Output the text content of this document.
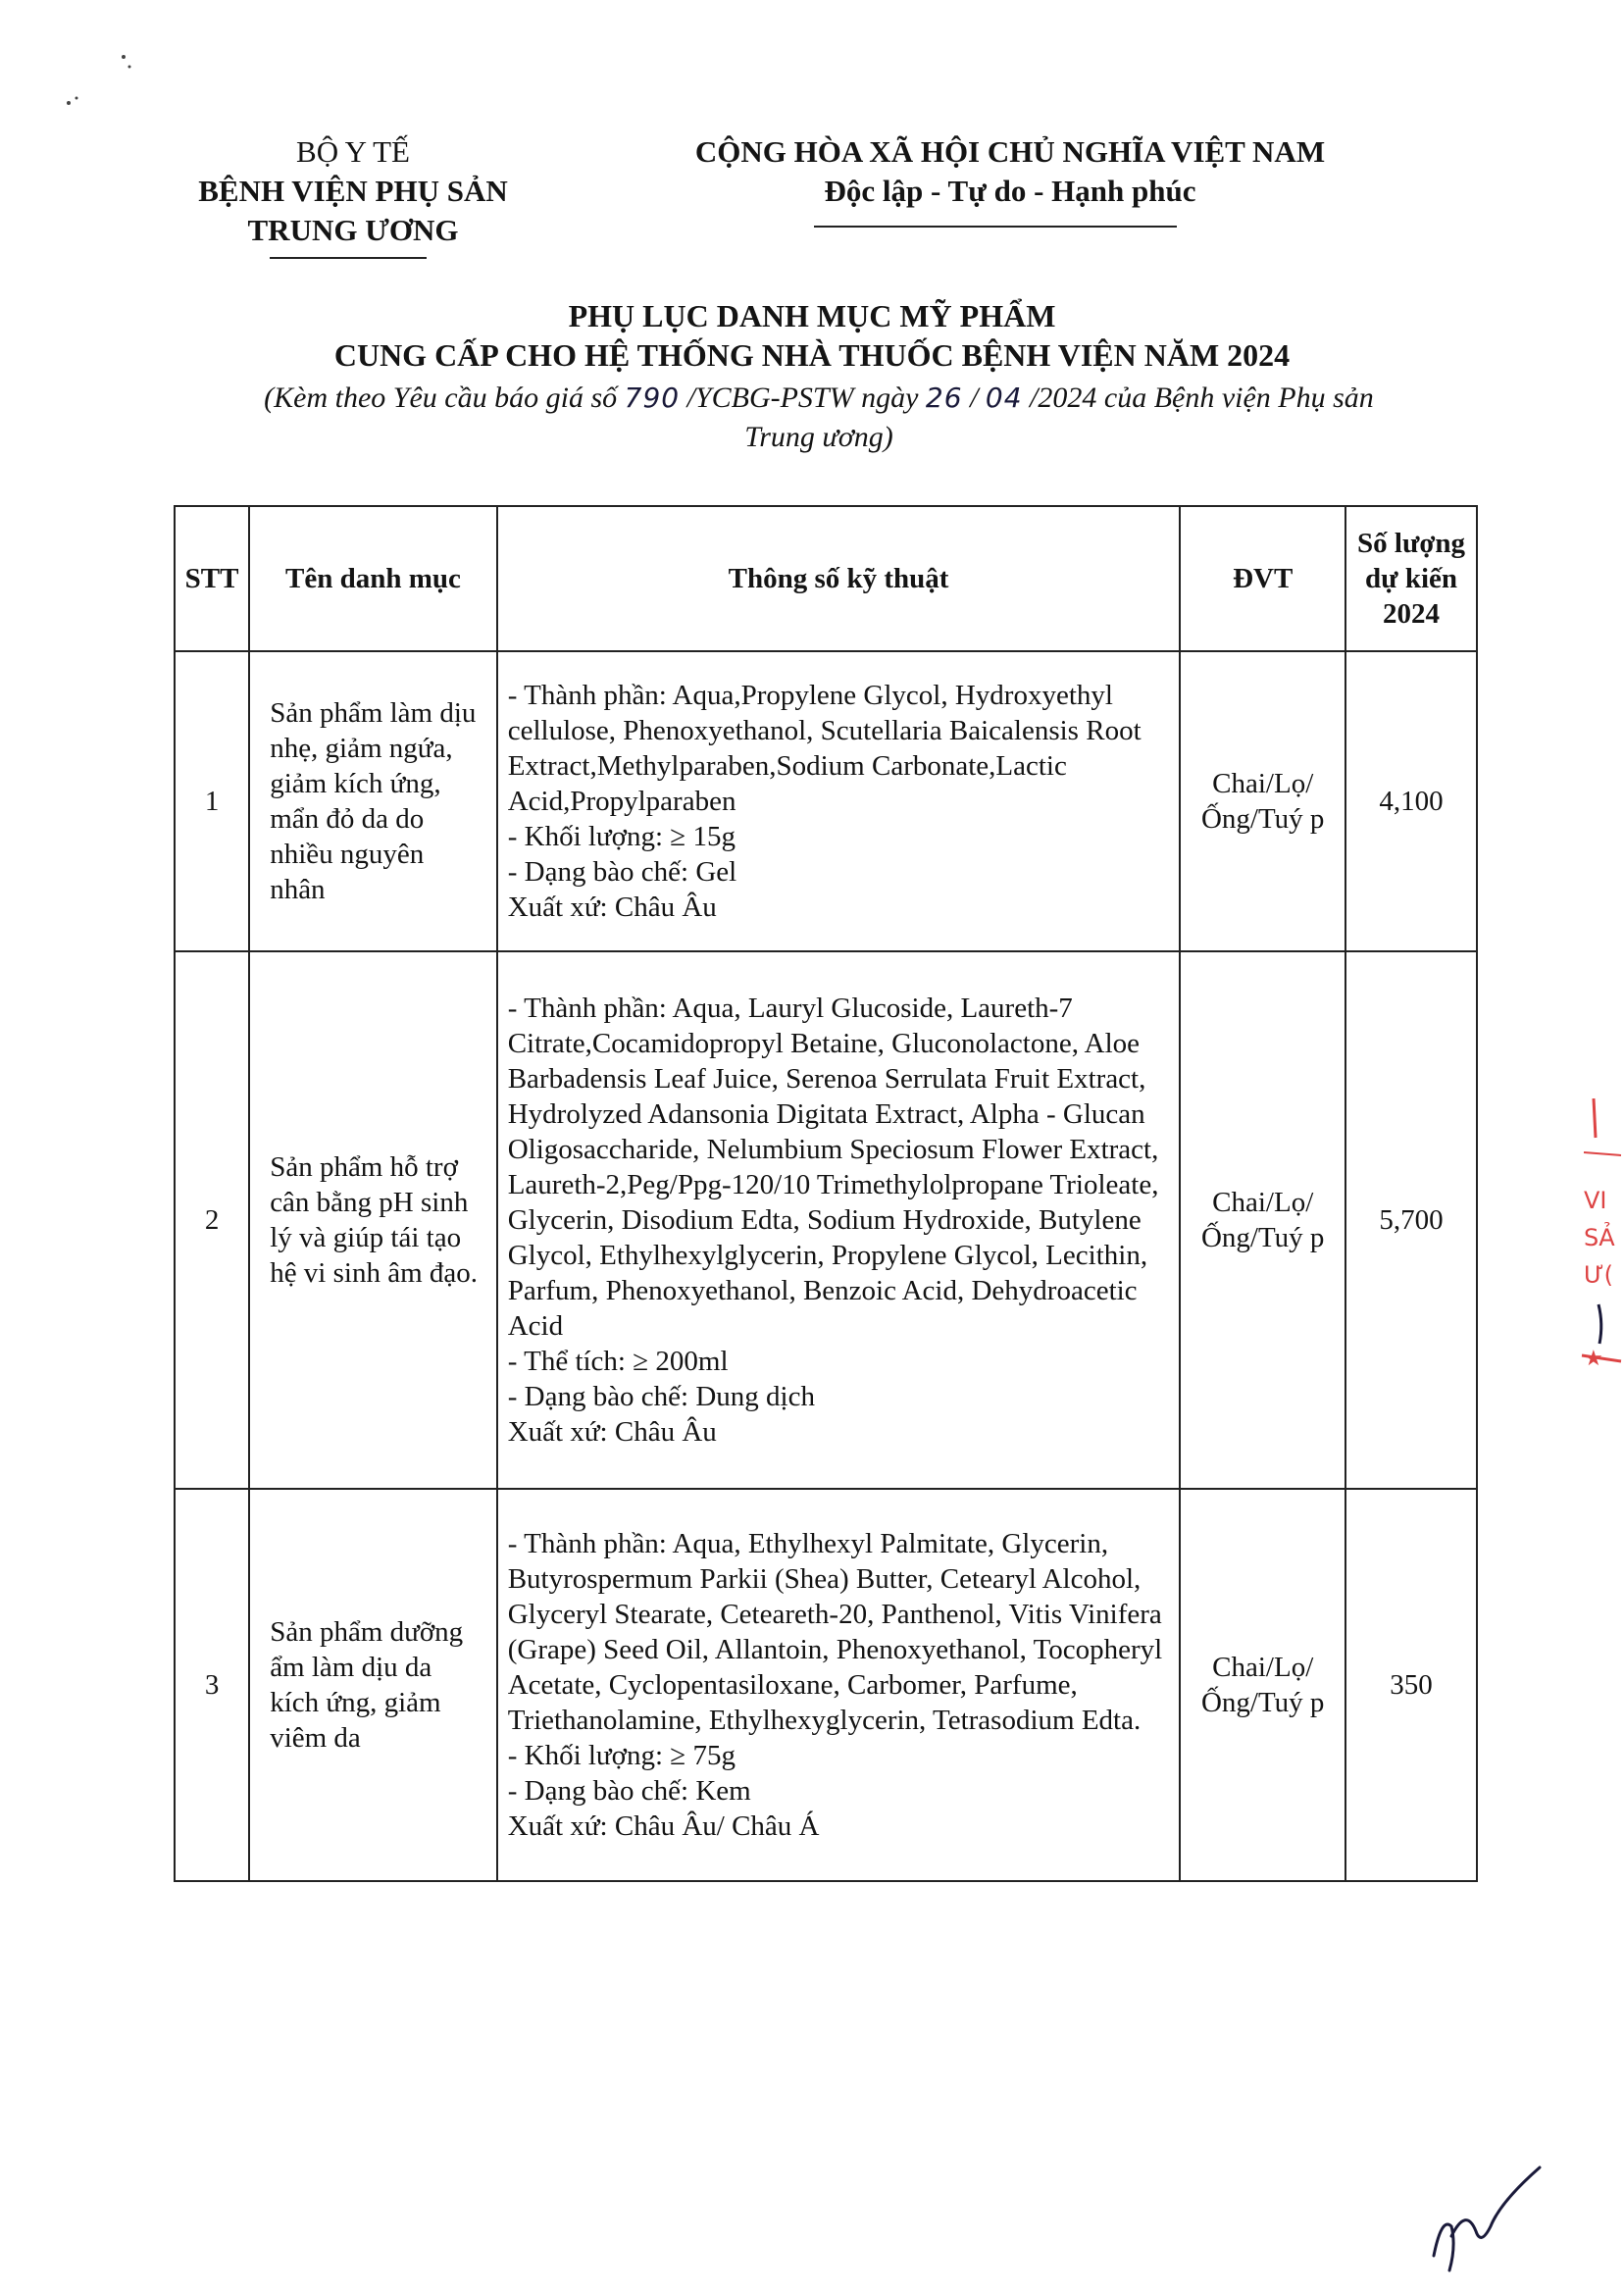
BỘ Y TẾ
BỆNH VIỆN PHỤ SẢN
TRUNG ƯƠNG
CỘNG HÒA XÃ HỘI CHỦ NGHĨA VIỆT NAM
Độc lập - Tự do - Hạnh phúc
PHỤ LỤC DANH MỤC MỸ PHẨM
CUNG CẤP CHO HỆ THỐNG NHÀ THUỐC BỆNH VIỆN NĂM 2024
(Kèm theo Yêu cầu báo giá số 790 /YCBG-PSTW ngày 26 / 04 /2024 của Bệnh viện Phụ sản
Trung ương)
STT	Tên danh mục	Thông số kỹ thuật	ĐVT	Số lượng dự kiến 2024
1	Sản phẩm làm dịu nhẹ, giảm ngứa, giảm kích ứng, mẩn đỏ da do nhiều nguyên nhân	- Thành phần: Aqua,Propylene Glycol, Hydroxyethyl cellulose, Phenoxyethanol, Scutellaria Baicalensis Root Extract,Methylparaben,Sodium Carbonate,Lactic Acid,Propylparaben
- Khối lượng: ≥ 15g
- Dạng bào chế: Gel
Xuất xứ: Châu Âu	Chai/Lọ/ Ống/Tuý p	4,100
2	Sản phẩm hỗ trợ cân bằng pH sinh lý và giúp tái tạo hệ vi sinh âm đạo.	- Thành phần: Aqua, Lauryl Glucoside, Laureth-7 Citrate,Cocamidopropyl Betaine, Gluconolactone, Aloe Barbadensis Leaf Juice, Serenoa Serrulata Fruit Extract, Hydrolyzed Adansonia Digitata Extract, Alpha - Glucan Oligosaccharide, Nelumbium Speciosum Flower Extract, Laureth-2,Peg/Ppg-120/10 Trimethylolpropane Trioleate, Glycerin, Disodium Edta, Sodium Hydroxide, Butylene Glycol, Ethylhexylglycerin, Propylene Glycol, Lecithin, Parfum, Phenoxyethanol, Benzoic Acid, Dehydroacetic Acid
- Thể tích: ≥ 200ml
- Dạng bào chế: Dung dịch
Xuất xứ: Châu Âu	Chai/Lọ/ Ống/Tuý p	5,700
3	Sản phẩm dưỡng ẩm làm dịu da kích ứng, giảm viêm da	- Thành phần: Aqua, Ethylhexyl Palmitate, Glycerin, Butyrospermum Parkii (Shea) Butter, Cetearyl Alcohol, Glyceryl Stearate, Ceteareth-20, Panthenol, Vitis Vinifera (Grape) Seed Oil, Allantoin, Phenoxyethanol, Tocopheryl Acetate, Cyclopentasiloxane, Carbomer, Parfume, Triethanolamine, Ethylhexyglycerin, Tetrasodium Edta.
- Khối lượng: ≥ 75g
- Dạng bào chế: Kem
Xuất xứ: Châu Âu/ Châu Á	Chai/Lọ/ Ống/Tuý p	350
VI
SẢ
Ư(
★
